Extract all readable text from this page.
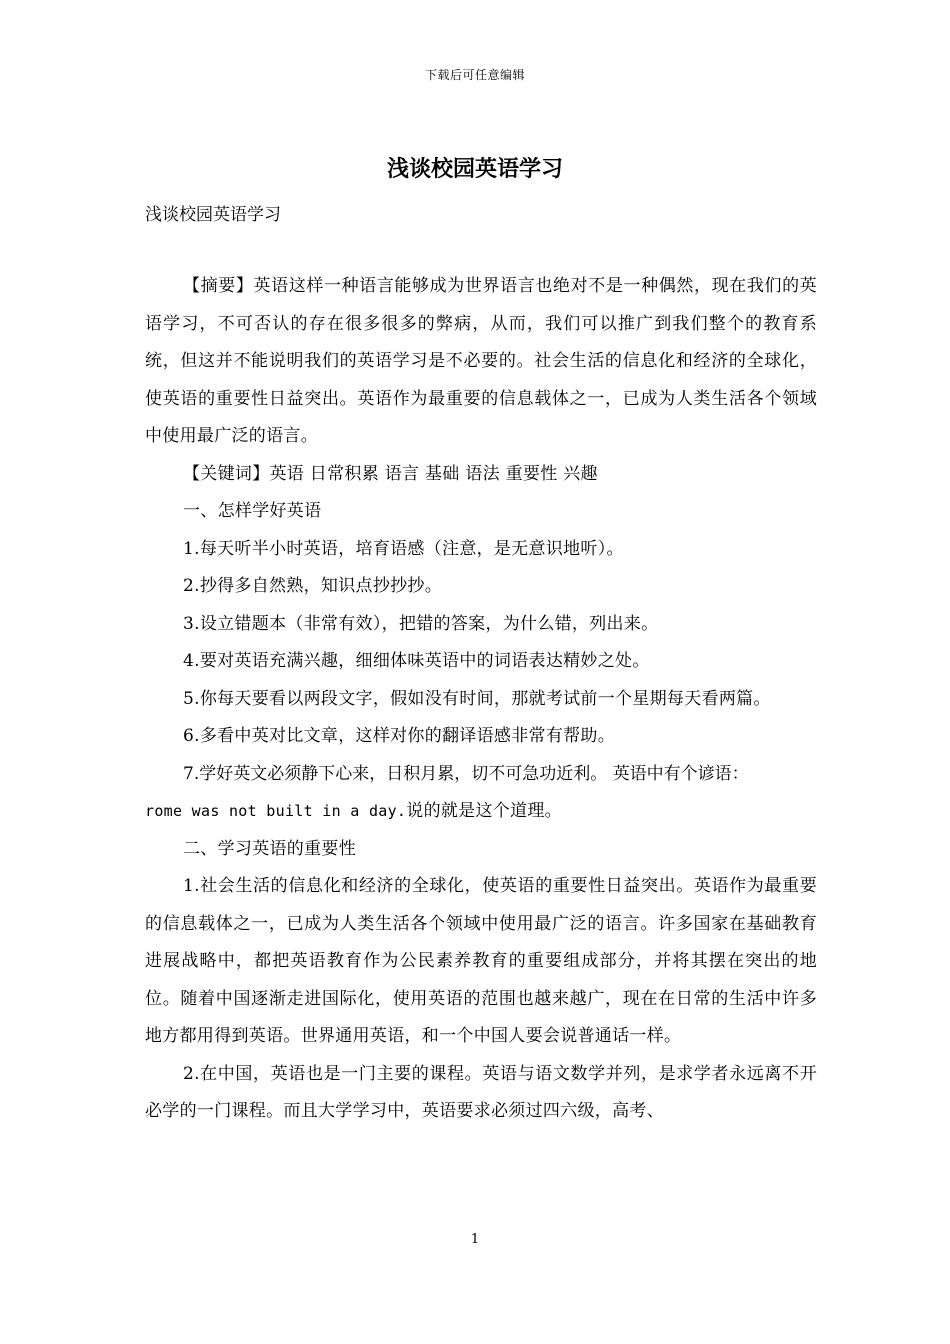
下载后可任意编辑
浅谈校园英语学习
浅谈校园英语学习

【摘要】英语这样一种语言能够成为世界语言也绝对不是一种偶然，现在我们的英语学习，不可否认的存在很多很多的弊病，从而，我们可以推广到我们整个的教育系统，但这并不能说明我们的英语学习是不必要的。社会生活的信息化和经济的全球化，使英语的重要性日益突出。英语作为最重要的信息载体之一，已成为人类生活各个领域中使用最广泛的语言。

【关键词】英语 日常积累 语言 基础 语法 重要性 兴趣

一、怎样学好英语

1.每天听半小时英语，培育语感（注意，是无意识地听）。

2.抄得多自然熟，知识点抄抄抄。

3.设立错题本（非常有效），把错的答案，为什么错，列出来。

4.要对英语充满兴趣，细细体味英语中的词语表达精妙之处。

5.你每天要看以两段文字，假如没有时间，那就考试前一个星期每天看两篇。

6.多看中英对比文章，这样对你的翻译语感非常有帮助。

7.学好英文必须静下心来，日积月累，切不可急功近利。 英语中有个谚语：

rome was not built in a day.说的就是这个道理。

二、学习英语的重要性

1.社会生活的信息化和经济的全球化，使英语的重要性日益突出。英语作为最重要的信息载体之一，已成为人类生活各个领域中使用最广泛的语言。许多国家在基础教育进展战略中，都把英语教育作为公民素养教育的重要组成部分，并将其摆在突出的地位。随着中国逐渐走进国际化，使用英语的范围也越来越广，现在在日常的生活中许多地方都用得到英语。世界通用英语，和一个中国人要会说普通话一样。

2.在中国，英语也是一门主要的课程。英语与语文数学并列，是求学者永远离不开必学的一门课程。而且大学学习中，英语要求必须过四六级，高考、

1
